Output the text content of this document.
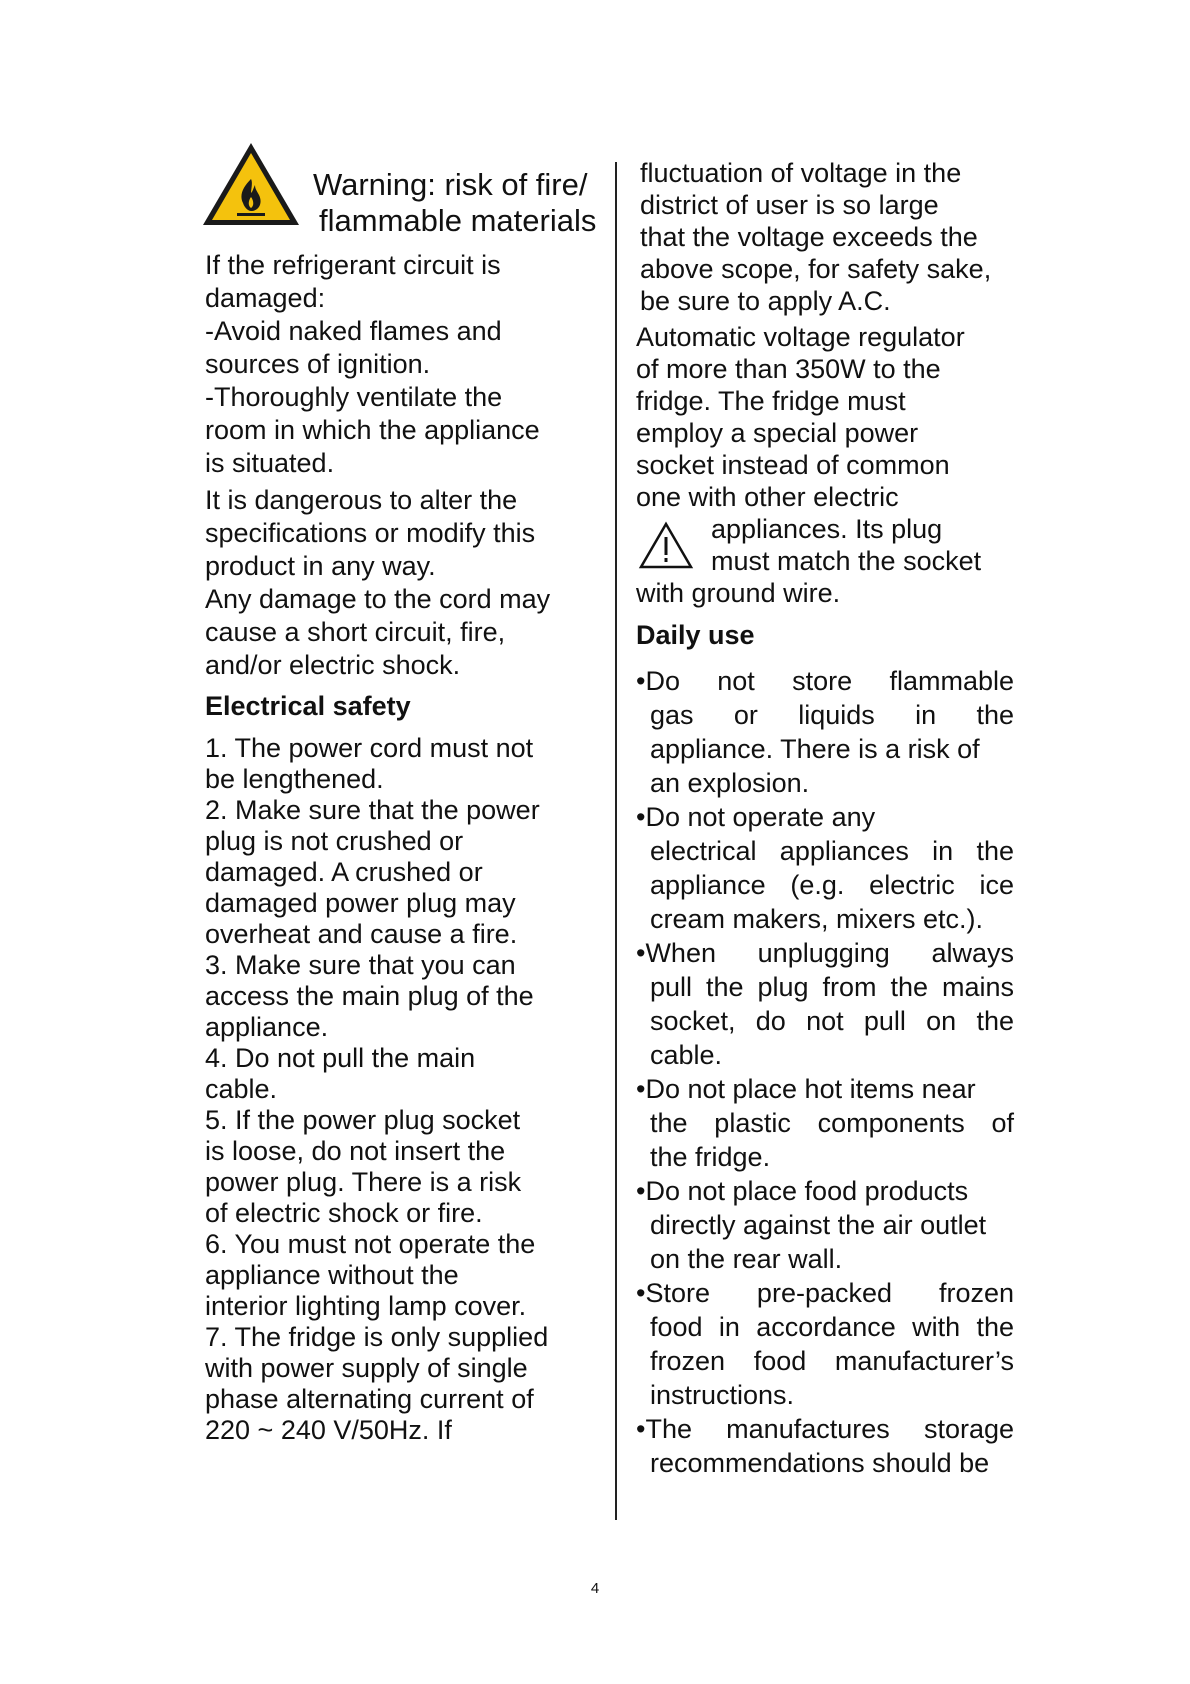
Warning: risk of fire/
flammable materials

If the refrigerant circuit is

damaged:

-Avoid naked flames and

sources of ignition.

-Thoroughly ventilate the

room in which the appliance

is situated.

It is dangerous to alter the

specifications or modify this

product in any way.

Any damage to the cord may

cause a short circuit, fire,

and/or electric shock.

Electrical safety

1. The power cord must not

be lengthened.

2. Make sure that the power

plug is not crushed or

damaged. A crushed or

damaged power plug may

overheat and cause a fire.

3. Make sure that you can

access the main plug of the

appliance.

4. Do not pull the main

cable.

5. If the power plug socket

is loose, do not insert the

power plug. There is a risk

of electric shock or fire.

6. You must not operate the

appliance without the

interior lighting lamp cover.

7. The fridge is only supplied

with power supply of single

phase alternating current of

220 ~ 240 V/50Hz. If

fluctuation of voltage in the

district of user is so large

that the voltage exceeds the

above scope, for safety sake,

be sure to apply A.C.

Automatic voltage regulator

of more than 350W to the

fridge. The fridge must

employ a special power

socket instead of common

one with other electric

appliances. Its plug

must match the socket

with ground wire.

Daily use

•Do not store flammable

gas or liquids in the

appliance. There is a risk of

an explosion.

•Do not operate any

electrical appliances in the

appliance (e.g. electric ice

cream makers, mixers etc.).

•When unplugging always

pull the plug from the mains

socket, do not pull on the

cable.

•Do not place hot items near

the plastic components of

the fridge.

•Do not place food products

directly against the air outlet

on the rear wall.

•Store pre-packed frozen

food in accordance with the

frozen food manufacturer’s

instructions.

•The manufactures storage

recommendations should be

4
